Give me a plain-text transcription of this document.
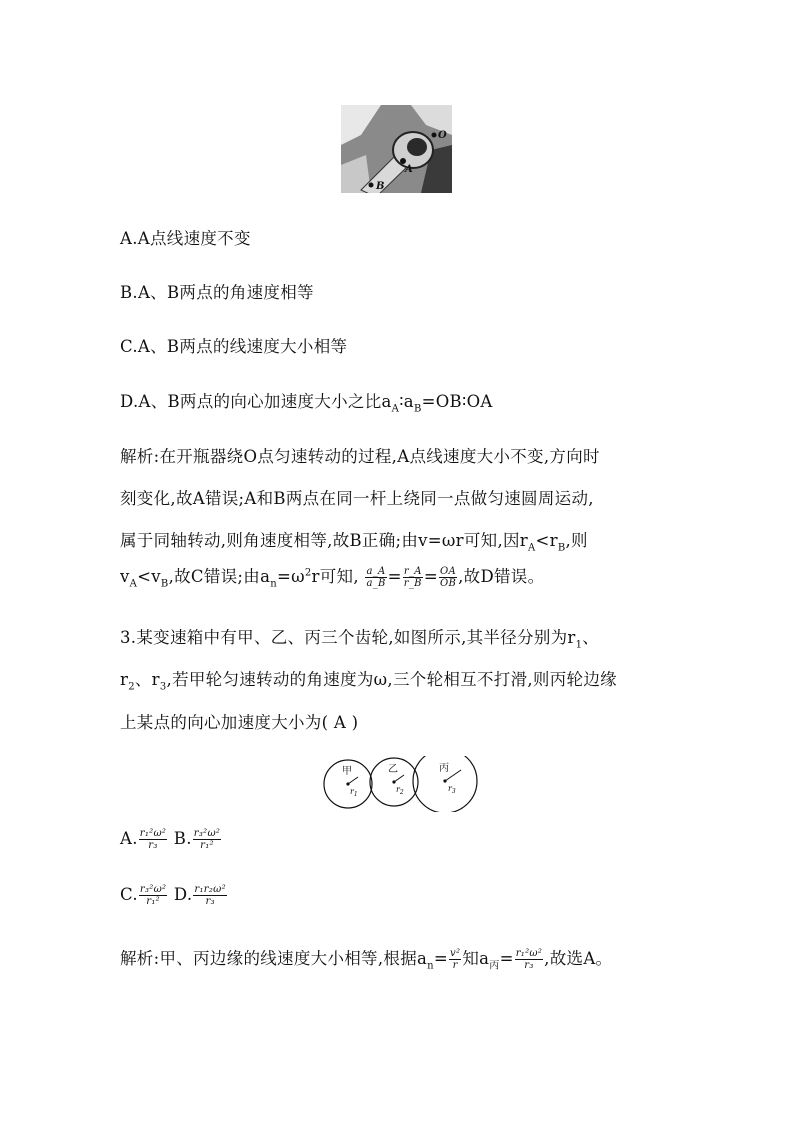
O
A
B
A.A点线速度不变
B.A、B两点的角速度相等
C.A、B两点的线速度大小相等
D.A、B两点的向心加速度大小之比$a_A∶a_B=OB∶OA$
解析:在开瓶器绕O点匀速转动的过程,A点线速度大小不变,方向时
刻变化,故A错误;A和B两点在同一杆上绕同一点做匀速圆周运动,
属于同轴转动,则角速度相等,故B正确;由v=ωr可知,因$r_A<r_B$,则
$v_A<v_B$,故C错误;由$a_n=\omega^2r$可知, $\frac{a\_A}{a\_B} = \frac{r\_A}{r\_B} = \frac{OA}{OB}$ ,故D错误。
3.某变速箱中有甲、乙、丙三个齿轮,如图所示,其半径分别为$r_1$、
$r_2$、$r_3$,若甲轮匀速转动的角速度为ω,三个轮相互不打滑,则丙轮边缘
上某点的向心加速度大小为( A )
甲	乙	丙
$r_1$
$r_2$	$r_3$
A. $\frac{\text{r₁²ω²}}{\text{r₃}} B$. $\frac{\text{r₃²ω²}}{\text{r₁²}}$
C. $\frac{\text{r₃²ω²}}{\text{r₁²}} D$. $\frac{\text{r₁r₂ω²}}{\text{r₃}}$
解析:甲、丙边缘的线速度大小相等,根据$a_n= \frac{\text{v²}}{r}$ 知$a_丙= \frac{\text{r₁²ω²}}{\text{r₃}}$ ,故选A。
